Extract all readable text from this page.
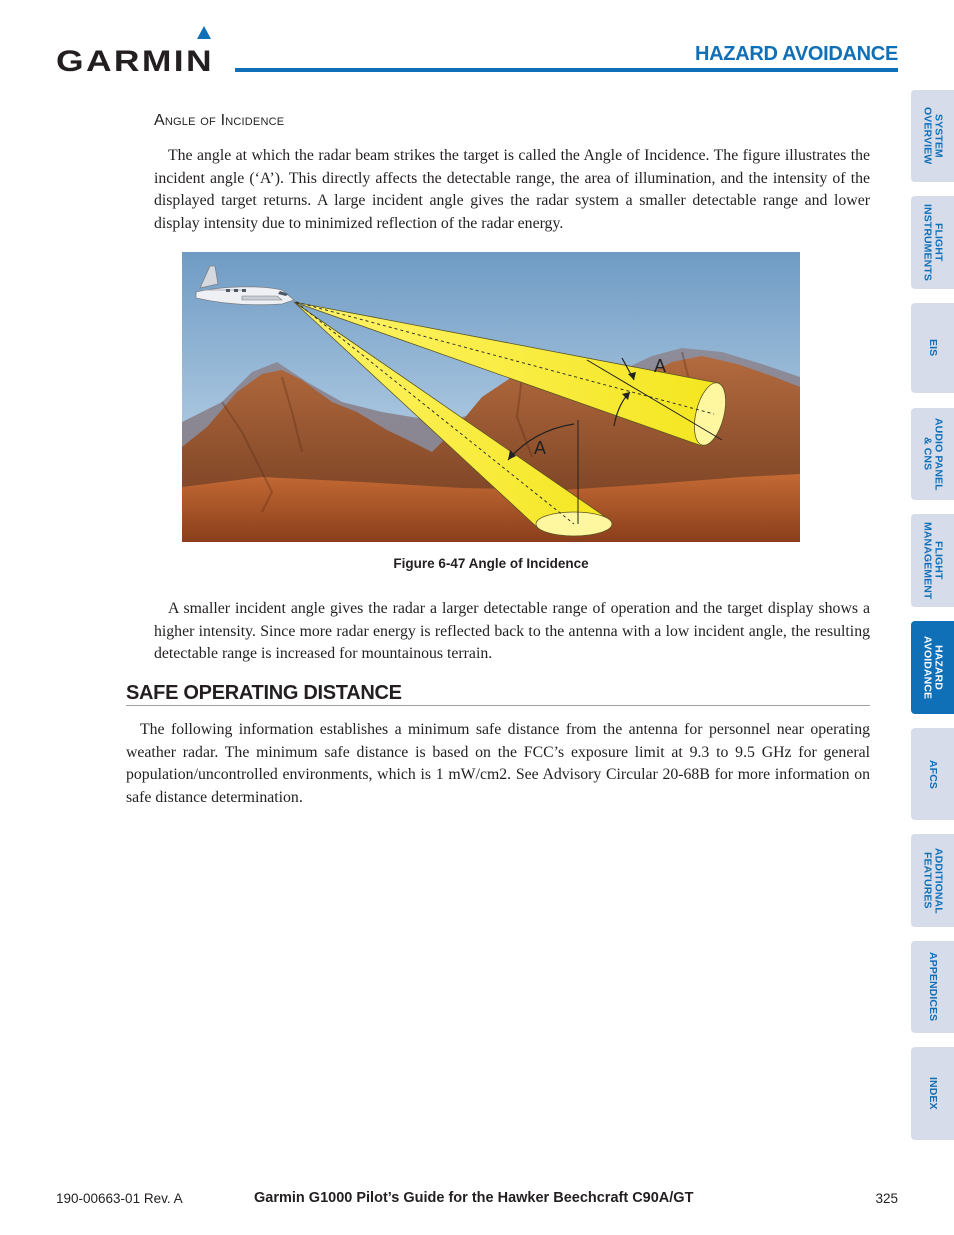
GARMIN	HAZARD AVOIDANCE
Angle of Incidence

The angle at which the radar beam strikes the target is called the Angle of Incidence. The figure illustrates the incident angle (‘A’). This directly affects the detectable range, the area of illumination, and the intensity of the displayed target returns. A large incident angle gives the radar system a smaller detectable range and lower display intensity due to minimized reflection of the radar energy.

A
A
Figure 6-47 Angle of Incidence

A smaller incident angle gives the radar a larger detectable range of operation and the target display shows a higher intensity. Since more radar energy is reflected back to the antenna with a low incident angle, the resulting detectable range is increased for mountainous terrain.

SAFE OPERATING DISTANCE

The following information establishes a minimum safe distance from the antenna for personnel near operating weather radar. The minimum safe distance is based on the FCC’s exposure limit at 9.3 to 9.5 GHz for general population/uncontrolled environments, which is 1 mW/cm2. See Advisory Circular 20-68B for more information on safe distance determination.

SYSTEM
OVERVIEW
FLIGHT
INSTRUMENTS
EIS
AUDIO PANEL
& CNS
FLIGHT
MANAGEMENT
HAZARD
AVOIDANCE
AFCS
ADDITIONAL
FEATURES
APPENDICES
INDEX
190-00663-01 Rev. A	Garmin G1000 Pilot’s Guide for the Hawker Beechcraft C90A/GT	325
